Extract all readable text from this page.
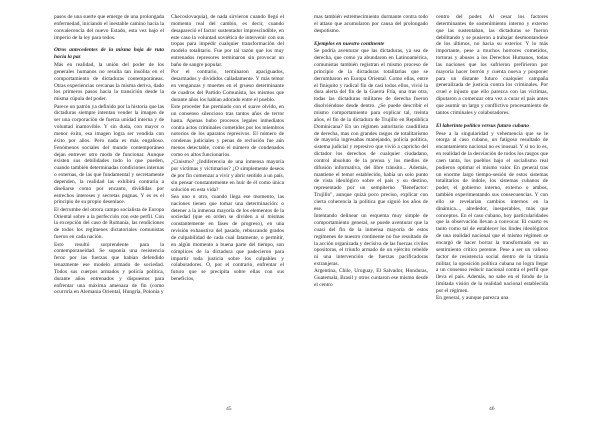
pasos de una suerte que emerge de una prolongada enfermedad, iniciando el inestable camino hacia la convalecencia del nuevo Estado, esta vez bajo el imperio de la ley para todos.

Otros antecedentes de la misma hoja de ruta hacia la paz

Más en realidad, la unión del poder de los generales humanos no resulta tan insólita en el comportamiento de dictaduras contemporáneas. Otras experiencias cercanas la misma deriva, dado los primeros pasos hacia la transición desde la misma cúpula del poder.

Parece un patrón ya definido por la historia que las dictaduras siempre intentan vender la imagen de ser una corporación de fuerza unidad interna y de voluntad inamovible. Y sin duda, con mayor o menor éxito, esa imagen logra ser vendida con éxito por años. Pero nada es más engañoso. Fenómenos sociales del mundo contemporáneo dejan entrever otro modo de funcionar. Aunque existen sus debilidades todo lo que pueden, cuando también determinadas condiciones internas o externas, de las que fundamental y secretamente dependen, la realidad las exhibirá contraria a diseñarse como por encanto, divididas por estrechos intereses y secretas pugnas. Y es es el principio de su propio desenlace.

El derrumbe del otrora campo socialista de Europa Oriental sobre a la perfección con este perfil. Con la excepción del caso de Rumania, las rendiciones de todos los regímenes dictatoriales comunistas fueron en cada nación.

Esto resultó sorprendente para la contemporaneidad. Se suponía una resistencia feroz por las fuerzas que habían defendido tenazmente ese modelo armado de sociedad. Todos sus cuerpos armados y policía política, durante años entrenados y dispuestos para enfrentar una máxima amenaza de fin (como ocurriría en Alemania Oriental, Hungría, Polonia y

Checoslovaquia), de nada sirvieron cuando llegó el momento real del cambio, es decir, cuando desapareció el factor sustentador imprescindible, en este caso la voluntad soviética de intervenir con sus tropas para impedir cualquier transformación del modelo totalitario. Fue por tal razón que los muy entrenados represores terminaron sin provocar un baño de sangre popular.

Por el contrario, terminaron apaciguados, desarmados y divididos calladamente. Y más temor en venganzas y muertes en el grueso determinante de cuadros del Partido Comunista, los mismos que durante años los habían adorado entre el pueblo.

Este proceder fue premiado con el suave olvido, en un consenso silencioso tras tantos años de terror hasta. Apenas hubo procesos legales inmediatos contra actos criminales cometidos por los miembros notorios de los aparatos represivos. El número de condenas judiciales y penas de reclusión fue aún menos detectable, como el número de condenados como ex altos funcionarios.

¿Cinismo? ¿Indiferencia de una inmensa mayoría por víctimas y victimarios? ¿O simplemente deseos de por fin comenzar a vivir y abrir sentido a un país, sin pensar constantemente en huir de él como única solución en esta vida?

Sea uno u otro, cuando llega ese momento, las naciones tienen que tomar una determinación: o detener a la inmensa mayoría de los elementos de la sociedad (que en orden se dividen a sí mismas constantemente en fases de progreso), en una revisión exhaustiva del pasado, rebuscando grados de culpabilidad de cada cual fatamente, o permitir, en algún momento a buena parte del tiempo, son cómplices de la dictadura que padecieron para impartir toda justicia sobre los culpables y colaboradores. O, por el contrario, enfrentar el futuro que se precipita sobre ellas con sus beneficios,

45

mas también estremecimiento durmante contra todo el attaso que acumularon por causa del prolongado despotismo.

Ejemplos en nuestro continente

Se podría aventurar que las dictaduras, ya sea de derecha, que como ya abundaron en Latinoamérica, comunistas también registran el mismo proceso de principio de la dictaduras totalitarias que se derrumbaron en Europa Oriental. Como ellas, entre el finiquito y radical fin de casi todos ellos, vivió la dura alerta del fin de la Guerra Fría, una tras otra, todas las dictaduras militares de derecha fueron disolviéndose desde dentro. ¿Se puede describir el mismo comportamiento para explicar tal, treinta años, el fin de la dictadura de Trujillo en República Dominicana? En un régimen autoritario caudillista de derecha, mas con grandes rasgos de totalitarismo de mayoría ingresabas manejando, policía política, sistema judicial y represivo que vivió a capricho del dictador los derechos de cualquier ciudadano, control absoluto de la prensa y los medios de difusión informativa, del libre tránsito... Además, mantiene el temor establecido, había un solo punto de vista ideológico sobre el país y su destino, representado por un sempiterno "Benefactor: Trujillo", aunque quizá poco preciso, explicar con cierta coherencia la política gue siguió los años de ese.

Intentando delinear un esquema muy simple de comportamiento general, se puede aventurar que la cuasi del fin de la inmensa mayoría de estos regímenes de nuestro continente no fue resultado de la acción organizada y decisiva de las fuerzas civiles opositoras, el triunfo armado de un ejército rebelde ni una intervención de fuerzas pacificadoras extranjeras.

Argentina, Chile, Uruguay, El Salvador, Honduras, Guatemala, Brasil y otros cuntaron ese mismo desde el centro

centro del poder. Al cesar los factores determinantes de sostenimiento interno y externo que las sustentaban, las dictaduras se fueron debilitando y se pusieron a trabajar desmontandose de los últimos, no hacia su exterior. Y lo más importante, pese a muchos horrores cometidos, torturas y abusos a los Derechos Humanos, todas las naciones que los sufrieron prefirieron por mayoría hacer borrón y cuenta nueva y posponer para un distante futuro cualquier campaña generalizada de justicia contra los criminales. Por cruel e injusto que ello parezca con las víctimas, diputaron a comenzar otra vez a curar el país antes que asumir un largo y conflictivo procesamiento de tantos criminales y colaboradores.

El laberinto político versus futuro cubano

Pese a la singularidad y vehemencia que se le otorga al caso cubano, un fatigoso resultado de encantamiento nacional no es inusual. Y si no lo es, en realidad de la desviación de todos los rasgos que caen tanta, los pueblos bajo el socialismo real pudieron optimar el mismo valor. En general tras un enorme largo tiempo-sesión de estos sistemas totalitarios de índole, los sistemas cubanos de poder, el gobierno interno, externo o ambos, también experimentando sus consecuencias. Y con ello se revelarían cambios internos en la dinámica..., alrededor, inesperables, más que conceptos. En el caso cubano, hoy particularidades que la observación llevan a convocar. El cuarto es tanto como tal de establecer los lindes ideológicos de una realidad nacional que el mismo régimen se encargó de hacer borrar la transformado en un sentimiento crítico perenne. Pese a ser un valioso factor de resistencia social dentro de la tiranía militar, la oposición política cubana no logra llegar a un consenso reducir nacional contra el perfil que lleva el país. Además, no sabe en el fondo de la limitada visión de la realidad nacional establecida por el régimen.

En general, y aunque parezca una

46
